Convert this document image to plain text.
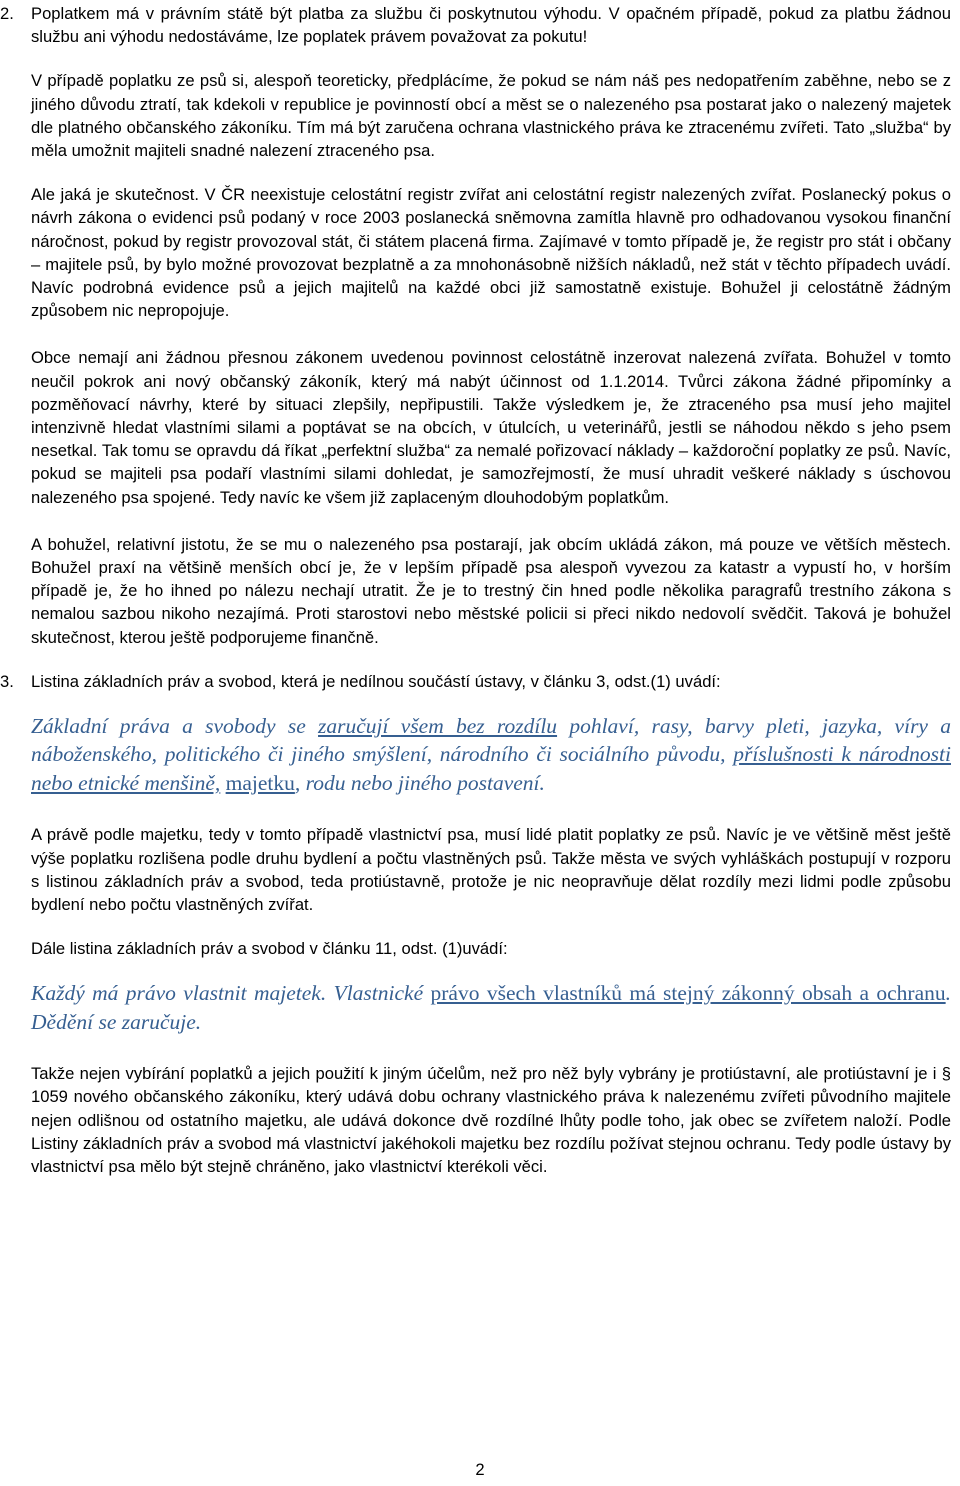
2. Poplatkem má v právním státě být platba za službu či poskytnutou výhodu. V opačném případě, pokud za platbu žádnou službu ani výhodu nedostáváme, lze poplatek právem považovat za pokutu!

V případě poplatku ze psů si, alespoň teoreticky, předplácíme, že pokud se nám náš pes nedopatřením zaběhne, nebo se z jiného důvodu ztratí, tak kdekoli v republice je povinností obcí a měst se o nalezeného psa postarat jako o nalezený majetek dle platného občanského zákoníku. Tím má být zaručena ochrana vlastnického práva ke ztracenému zvířeti. Tato „služba“ by měla umožnit majiteli snadné nalezení ztraceného psa.

Ale jaká je skutečnost. V ČR neexistuje celostátní registr zvířat ani celostátní registr nalezených zvířat. Poslanecký pokus o návrh zákona o evidenci psů podaný v roce 2003 poslanecká sněmovna zamítla hlavně pro odhadovanou vysokou finanční náročnost, pokud by registr provozoval stát, či státem placená firma. Zajímavé v tomto případě je, že registr pro stát i občany – majitele psů, by bylo možné provozovat bezplatně a za mnohonásobně nižších nákladů, než stát v těchto případech uvádí. Navíc podrobná evidence psů a jejich majitelů na každé obci již samostatně existuje. Bohužel ji celostátně žádným způsobem nic nepropojuje.

Obce nemají ani žádnou přesnou zákonem uvedenou povinnost celostátně inzerovat nalezená zvířata. Bohužel v tomto neučil pokrok ani nový občanský zákoník, který má nabýt účinnost od 1.1.2014. Tvůrci zákona žádné připomínky a pozměňovací návrhy, které by situaci zlepšily, nepřipustili. Takže výsledkem je, že ztraceného psa musí jeho majitel intenzivně hledat vlastními silami a poptávat se na obcích, v útulcích, u veterinářů, jestli se náhodou někdo s jeho psem nesetkal. Tak tomu se opravdu dá říkat „perfektní služba“ za nemalé pořizovací náklady – každoroční poplatky ze psů. Navíc, pokud se majiteli psa podaří vlastními silami dohledat, je samozřejmostí, že musí uhradit veškeré náklady s úschovou nalezeného psa spojené. Tedy navíc ke všem již zaplaceným dlouhodobým poplatkům.

A bohužel, relativní jistotu, že se mu o nalezeného psa postarají, jak obcím ukládá zákon, má pouze ve větších městech. Bohužel praxí na většině menších obcí je, že v lepším případě psa alespoň vyvezou za katastr a vypustí ho, v horším případě je, že ho ihned po nálezu nechají utratit. Že je to trestný čin hned podle několika paragrafů trestního zákona s nemalou sazbou nikoho nezajímá. Proti starostovi nebo městské policii si přeci nikdo nedovolí svědčit. Taková je bohužel skutečnost, kterou ještě podporujeme finančně.

3. Listina základních práv a svobod, která je nedílnou součástí ústavy, v článku 3, odst.(1) uvádí:

Základní práva a svobody se zaručují všem bez rozdílu pohlaví, rasy, barvy pleti, jazyka, víry a náboženského, politického či jiného smýšlení, národního či sociálního původu, příslušnosti k národnosti nebo etnické menšině, majetku, rodu nebo jiného postavení.

A právě podle majetku, tedy v tomto případě vlastnictví psa, musí lidé platit poplatky ze psů. Navíc je ve většině měst ještě výše poplatku rozlišena podle druhu bydlení a počtu vlastněných psů. Takže města ve svých vyhláškách postupují v rozporu s listinou základních práv a svobod, teda protiústavně, protože je nic neopravňuje dělat rozdíly mezi lidmi podle způsobu bydlení nebo počtu vlastněných zvířat.

Dále listina základních práv a svobod v článku 11, odst. (1)uvádí:

Každý má právo vlastnit majetek. Vlastnické právo všech vlastníků má stejný zákonný obsah a ochranu. Dědění se zaručuje.

Takže nejen vybírání poplatků a jejich použití k jiným účelům, než pro něž byly vybrány je protiústavní, ale protiústavní je i § 1059 nového občanského zákoníku, který udává dobu ochrany vlastnického práva k nalezenému zvířeti původního majitele nejen odlišnou od ostatního majetku, ale udává dokonce dvě rozdílné lhůty podle toho, jak obec se zvířetem naloží. Podle Listiny základních práv a svobod má vlastnictví jakéhokoli majetku bez rozdílu požívat stejnou ochranu. Tedy podle ústavy by vlastnictví psa mělo být stejně chráněno, jako vlastnictví kterékoli věci.

2
